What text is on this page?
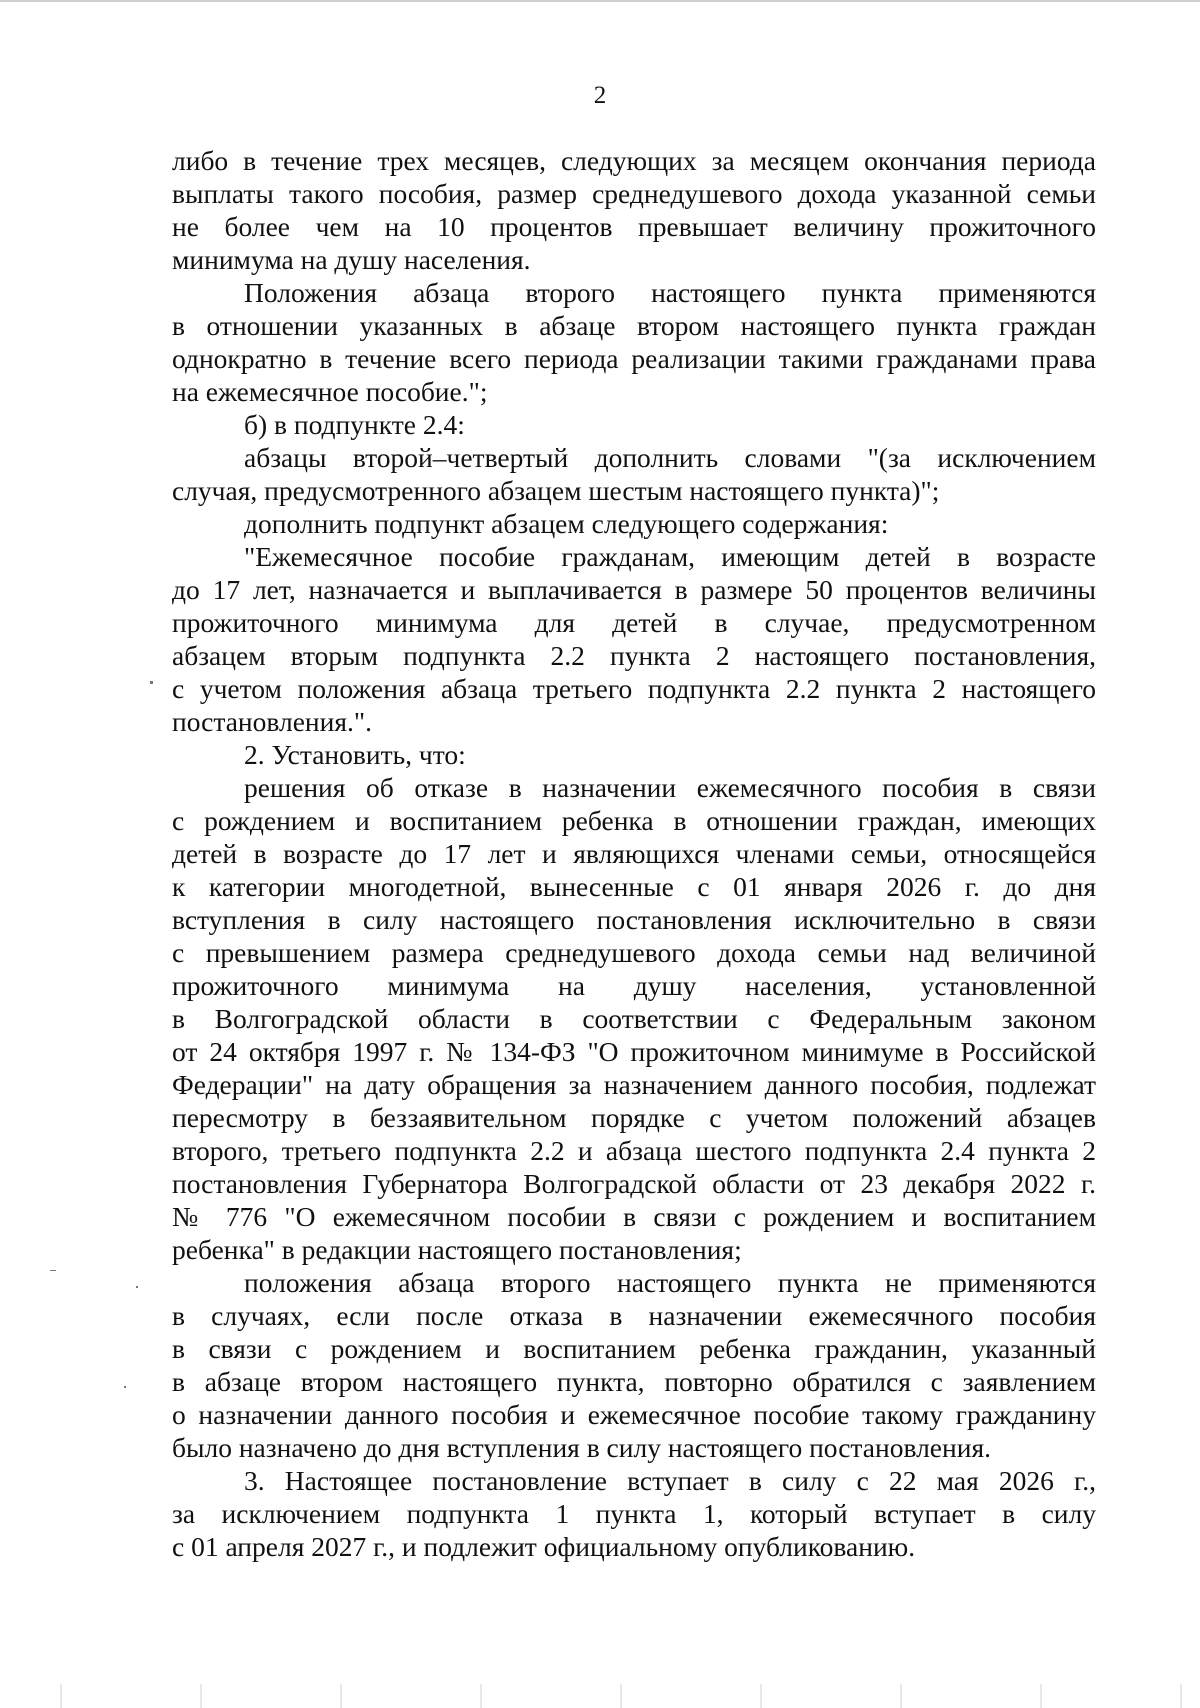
2
либо в течение трех месяцев, следующих за месяцем окончания периода
выплаты такого пособия, размер среднедушевого дохода указанной семьи
не более чем на 10 процентов превышает величину прожиточного
минимума на душу населения.
Положения абзаца второго настоящего пункта применяются
в отношении указанных в абзаце втором настоящего пункта граждан
однократно в течение всего периода реализации такими гражданами права
на ежемесячное пособие.";
б) в подпункте 2.4:
абзацы второй–четвертый дополнить словами "(за исключением
случая, предусмотренного абзацем шестым настоящего пункта)";
дополнить подпункт абзацем следующего содержания:
"Ежемесячное пособие гражданам, имеющим детей в возрасте
до 17 лет, назначается и выплачивается в размере 50 процентов величины
прожиточного минимума для детей в случае, предусмотренном
абзацем вторым подпункта 2.2 пункта 2 настоящего постановления,
с учетом положения абзаца третьего подпункта 2.2 пункта 2 настоящего
постановления.".
2. Установить, что:
решения об отказе в назначении ежемесячного пособия в связи
с рождением и воспитанием ребенка в отношении граждан, имеющих
детей в возрасте до 17 лет и являющихся членами семьи, относящейся
к категории многодетной, вынесенные с 01 января 2026 г. до дня
вступления в силу настоящего постановления исключительно в связи
с превышением размера среднедушевого дохода семьи над величиной
прожиточного минимума на душу населения, установленной
в Волгоградской области в соответствии с Федеральным законом
от 24 октября 1997 г. № 134-ФЗ "О прожиточном минимуме в Российской
Федерации" на дату обращения за назначением данного пособия, подлежат
пересмотру в беззаявительном порядке с учетом положений абзацев
второго, третьего подпункта 2.2 и абзаца шестого подпункта 2.4 пункта 2
постановления Губернатора Волгоградской области от 23 декабря 2022 г.
№ 776 "О ежемесячном пособии в связи с рождением и воспитанием
ребенка" в редакции настоящего постановления;
положения абзаца второго настоящего пункта не применяются
в случаях, если после отказа в назначении ежемесячного пособия
в связи с рождением и воспитанием ребенка гражданин, указанный
в абзаце втором настоящего пункта, повторно обратился с заявлением
о назначении данного пособия и ежемесячное пособие такому гражданину
было назначено до дня вступления в силу настоящего постановления.
3. Настоящее постановление вступает в силу с 22 мая 2026 г.,
за исключением подпункта 1 пункта 1, который вступает в силу
с 01 апреля 2027 г., и подлежит официальному опубликованию.
